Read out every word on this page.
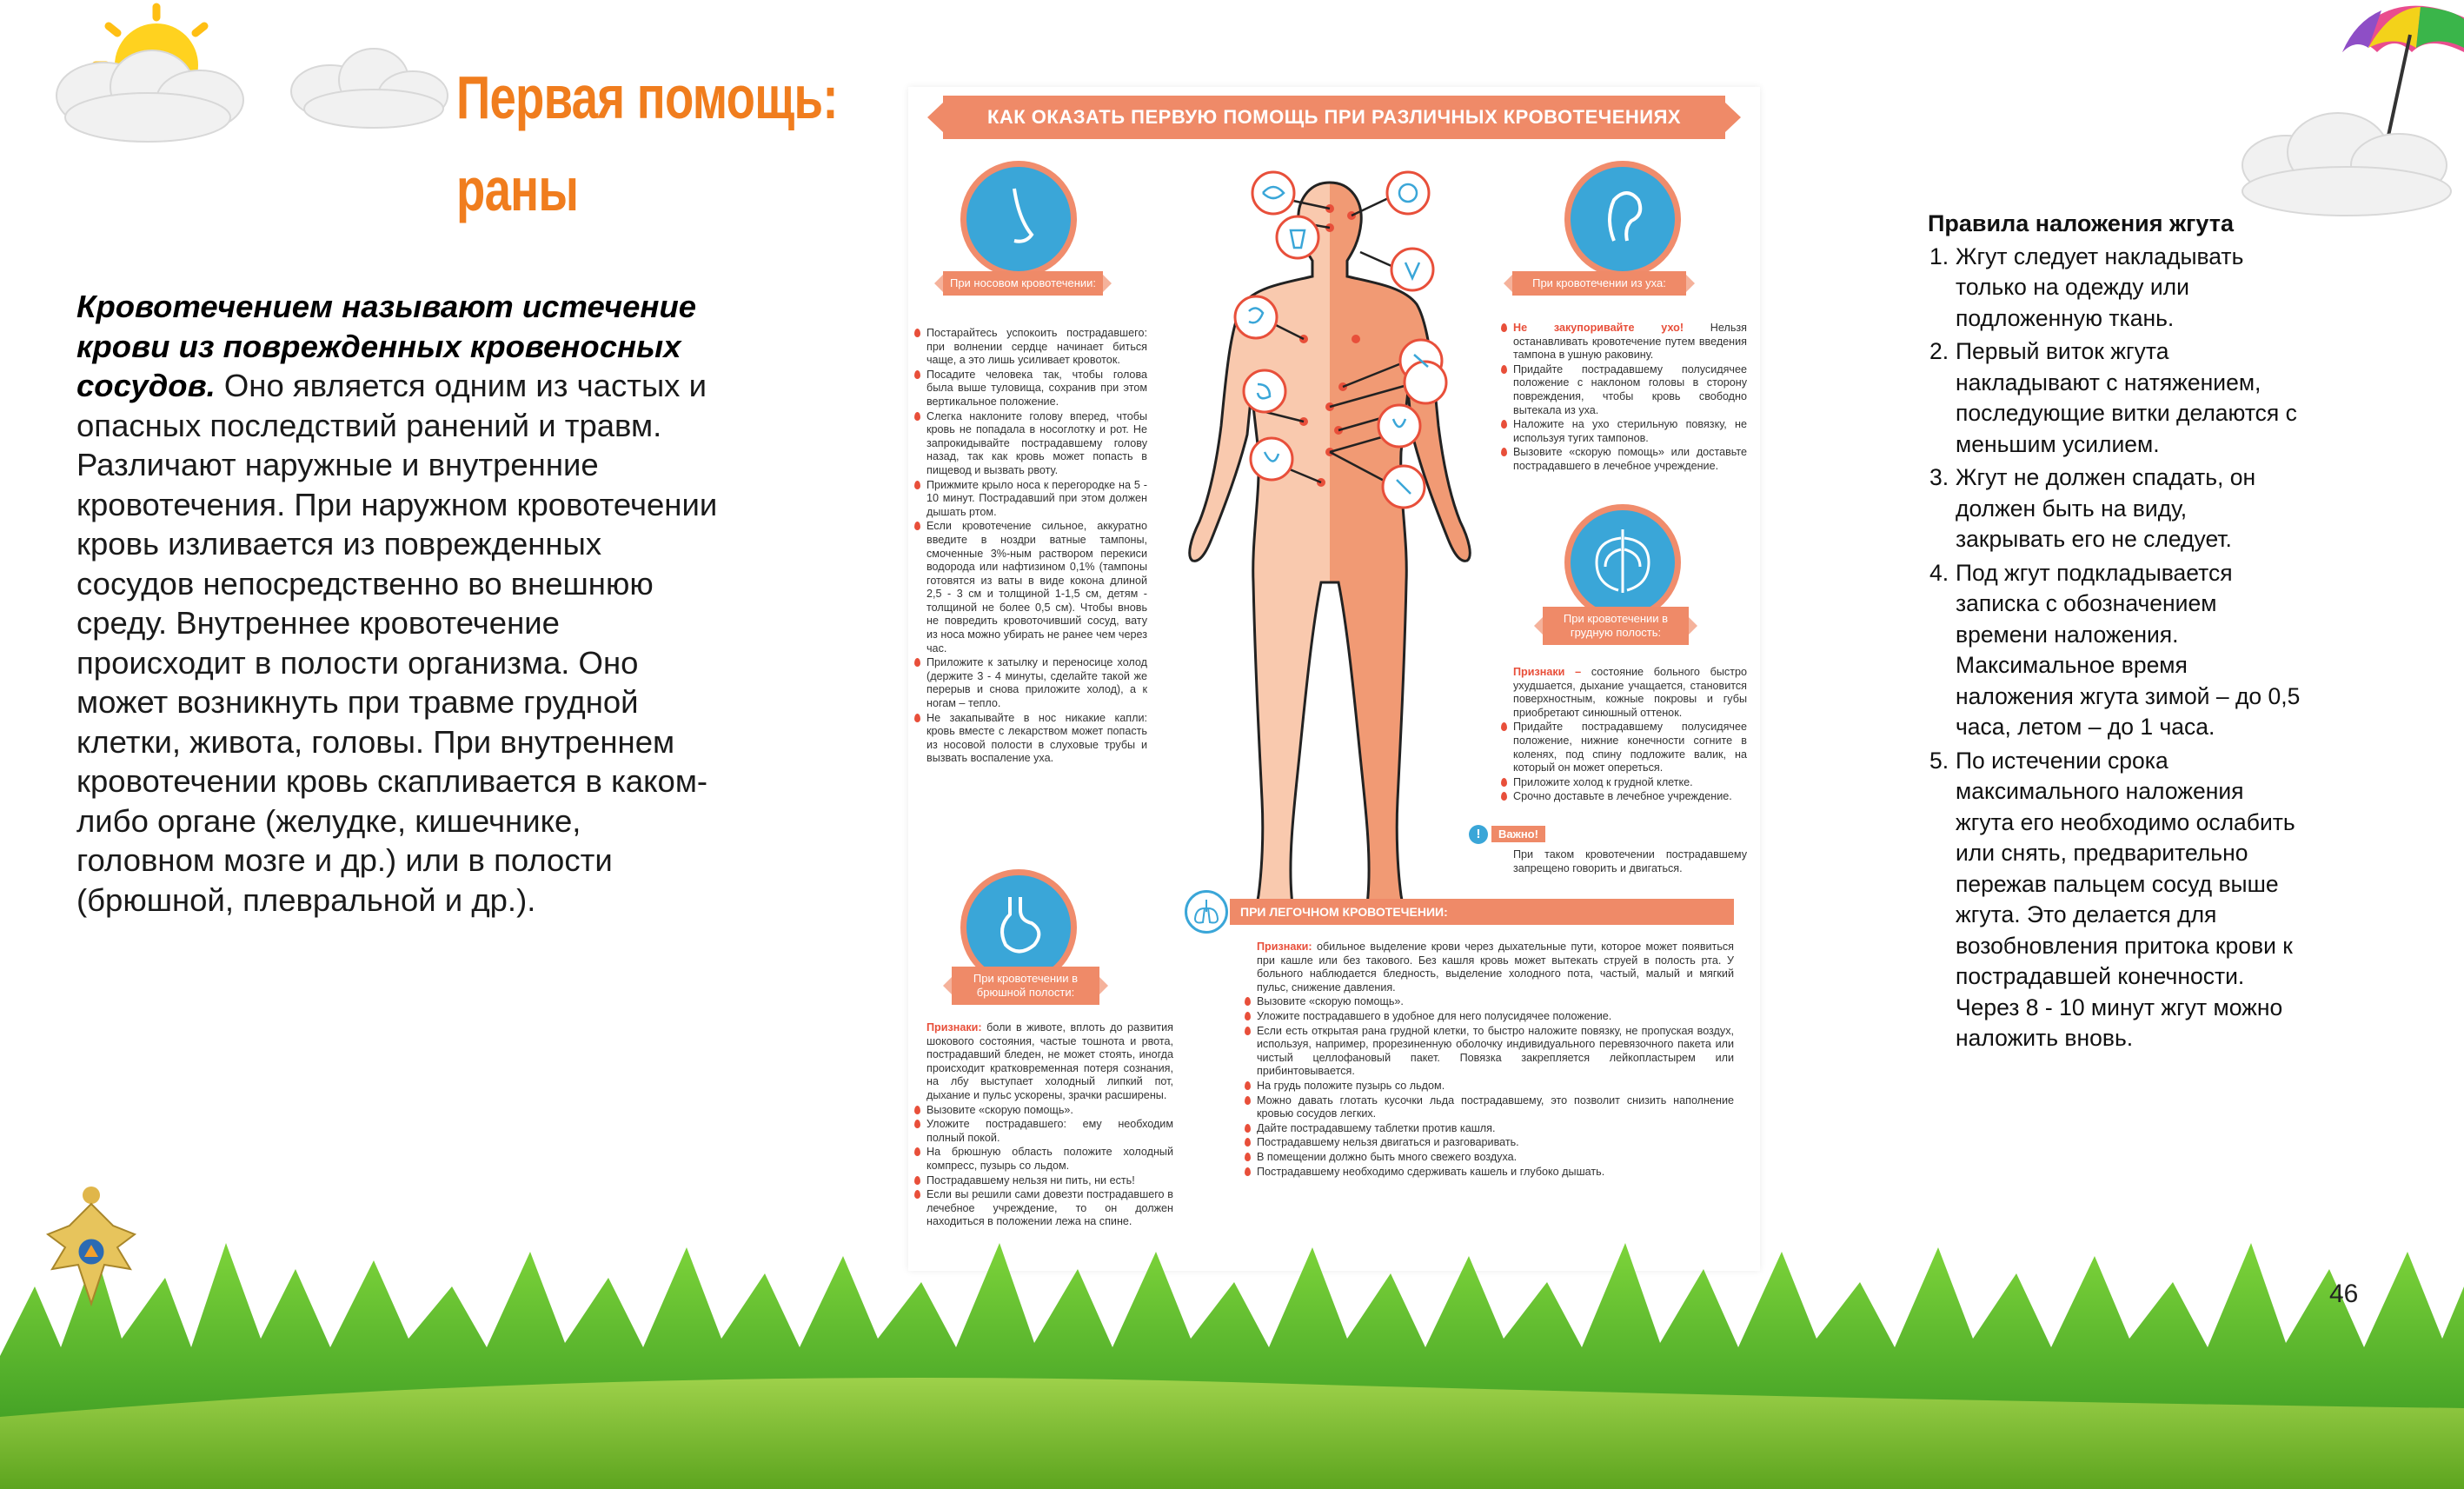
Первая помощь:
раны
Кровотечением называют истечение крови из поврежденных кровеносных сосудов. Оно является одним из частых и опасных последствий ранений и травм. Различают наружные и внутренние кровотечения. При наружном кровотечении кровь изливается из поврежденных сосудов непосредственно во внешнюю среду. Внутреннее кровотечение происходит в полости организма. Оно может возникнуть при травме грудной клетки, живота, головы. При внутреннем кровотечении кровь скапливается в каком-либо органе (желудке, кишечнике, головном мозге и др.) или в полости (брюшной, плевральной и др.).
КАК ОКАЗАТЬ ПЕРВУЮ ПОМОЩЬ ПРИ РАЗЛИЧНЫХ КРОВОТЕЧЕНИЯХ
При носовом кровотечении:

Постарайтесь успокоить пострадавшего: при волнении сердце начинает биться чаще, а это лишь усиливает кровоток.

Посадите человека так, чтобы голова была выше туловища, сохранив при этом вертикальное положение.

Слегка наклоните голову вперед, чтобы кровь не попадала в носоглотку и рот. Не запрокидывайте пострадавшему голову назад, так как кровь может попасть в пищевод и вызвать рвоту.

Прижмите крыло носа к перегородке на 5 - 10 минут. Пострадавший при этом должен дышать ртом.

Если кровотечение сильное, аккуратно введите в ноздри ватные тампоны, смоченные 3%-ным раствором перекиси водорода или нафтизином 0,1% (тампоны готовятся из ваты в виде кокона длиной 2,5 - 3 см и толщиной 1-1,5 см, детям - толщиной не более 0,5 см). Чтобы вновь не повредить кровоточивший сосуд, вату из носа можно убирать не ранее чем через час.

Приложите к затылку и переносице холод (держите 3 - 4 минуты, сделайте такой же перерыв и снова приложите холод), а к ногам – тепло.

Не закапывайте в нос никакие капли: кровь вместе с лекарством может попасть из носовой полости в слуховые трубы и вызвать воспаление уха.

При кровотечении из уха:

Не закупоривайте ухо! Нельзя останавливать кровотечение путем введения тампона в ушную раковину.

Придайте пострадавшему полусидячее положение с наклоном головы в сторону повреждения, чтобы кровь свободно вытекала из уха.

Наложите на ухо стерильную повязку, не используя тугих тампонов.

Вызовите «скорую помощь» или доставьте пострадавшего в лечебное учреждение.

При кровотечении в грудную полость:

Признаки – состояние больного быстро ухудшается, дыхание учащается, становится поверхностным, кожные покровы и губы приобретают синюшный оттенок.

Придайте пострадавшему полусидячее положение, нижние конечности согните в коленях, под спину подложите валик, на который он может опереться.

Приложите холод к грудной клетке.

Срочно доставьте в лечебное учреждение.

!	Важно!
При таком кровотечении пострадавшему запрещено говорить и двигаться.
При кровотечении в брюшной полости:

Признаки: боли в животе, вплоть до развития шокового состояния, частые тошнота и рвота, пострадавший бледен, не может стоять, иногда происходит кратковременная потеря сознания, на лбу выступает холодный липкий пот, дыхание и пульс ускорены, зрачки расширены.

Вызовите «скорую помощь».

Уложите пострадавшего: ему необходим полный покой.

На брюшную область положите холодный компресс, пузырь со льдом.

Пострадавшему нельзя ни пить, ни есть!

Если вы решили сами довезти пострадавшего в лечебное учреждение, то он должен находиться в положении лежа на спине.

ПРИ ЛЕГОЧНОМ КРОВОТЕЧЕНИИ:

Признаки: обильное выделение крови через дыхательные пути, которое может появиться при кашле или без такового. Без кашля кровь может вытекать струей в полость рта. У больного наблюдается бледность, выделение холодного пота, частый, малый и мягкий пульс, снижение давления.

Вызовите «скорую помощь».

Уложите пострадавшего в удобное для него полусидячее положение.

Если есть открытая рана грудной клетки, то быстро наложите повязку, не пропуская воздух, используя, например, прорезиненную оболочку индивидуального перевязочного пакета или чистый целлофановый пакет. Повязка закрепляется лейкопластырем или прибинтовывается.

На грудь положите пузырь со льдом.

Можно давать глотать кусочки льда пострадавшему, это позволит снизить наполнение кровью сосудов легких.

Дайте пострадавшему таблетки против кашля.

Пострадавшему нельзя двигаться и разговаривать.

В помещении должно быть много свежего воздуха.

Пострадавшему необходимо сдерживать кашель и глубоко дышать.

Правила наложения жгута
1. Жгут следует накладывать только на одежду или подложенную ткань.
2. Первый виток жгута накладывают с натяжением, последующие витки делаются с меньшим усилием.
3. Жгут не должен спадать, он должен быть на виду, закрывать его не следует.
4. Под жгут подкладывается записка с обозначением времени наложения. Максимальное время наложения жгута зимой – до 0,5 часа, летом – до 1 часа.
5. По истечении срока максимального наложения жгута его необходимо ослабить или снять, предварительно пережав пальцем сосуд выше жгута. Это делается для возобновления притока крови к пострадавшей конечности. Через 8 - 10 минут жгут можно наложить вновь.
46
